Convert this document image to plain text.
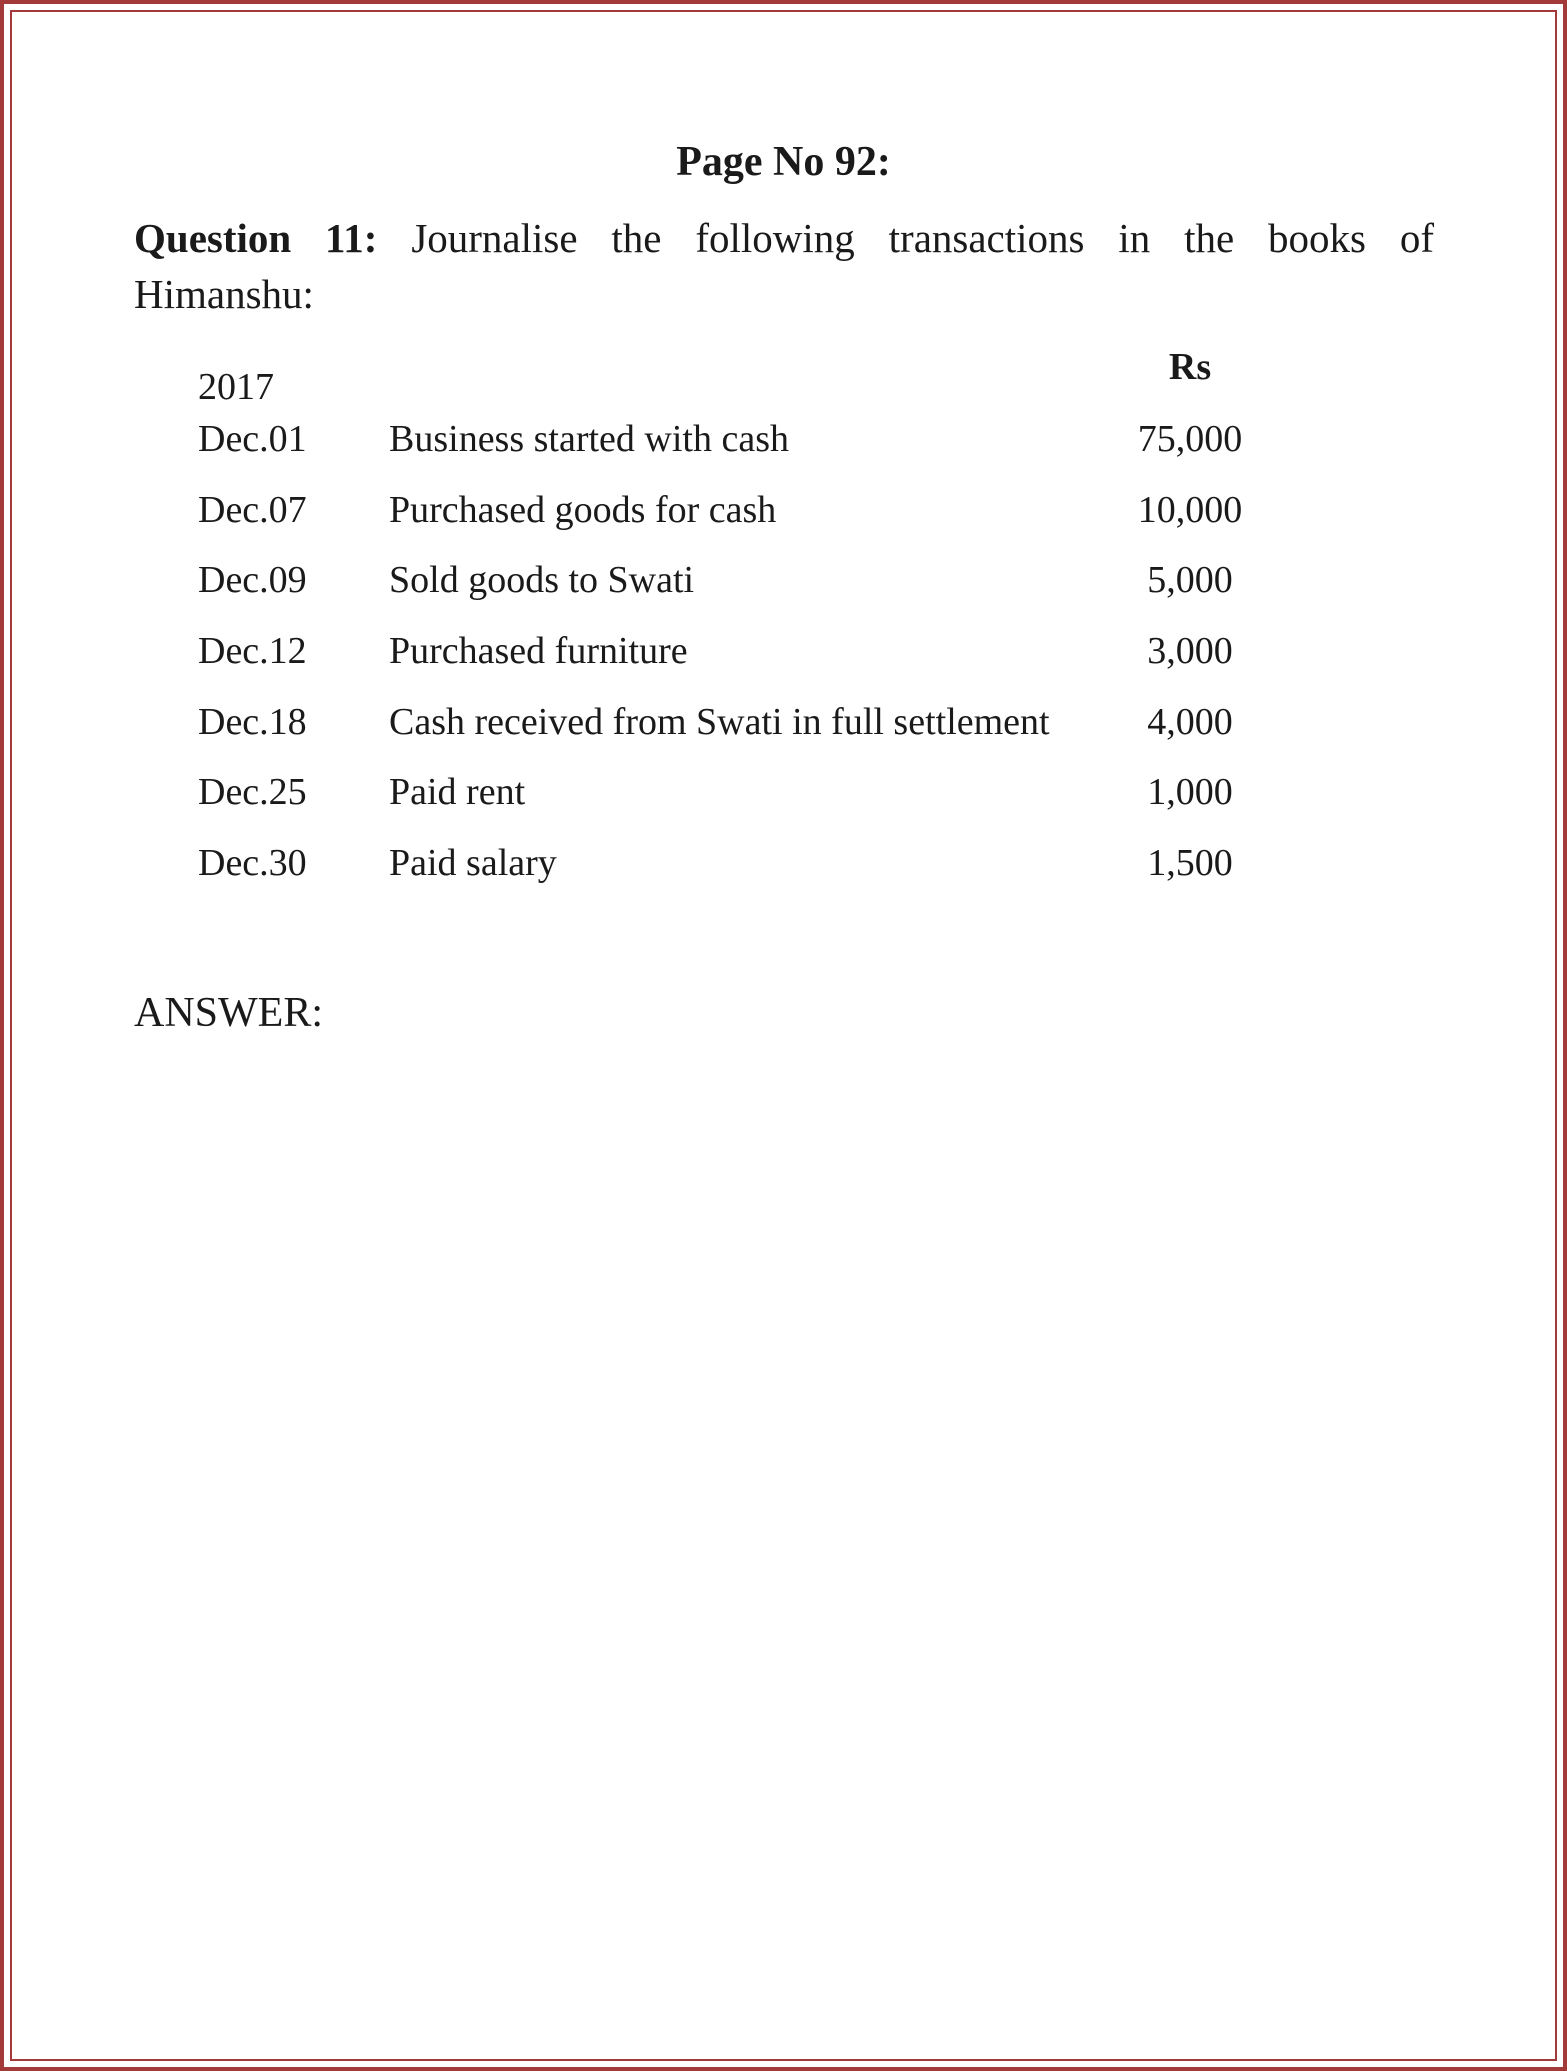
Page No 92:
Question 11: Journalise the following transactions in the books of
Himanshu:
Rs
2017
Dec.01 Business started with cash	75,000
Dec.07 Purchased goods for cash	10,000
Dec.09 Sold goods to Swati	5,000
Dec.12 Purchased furniture	3,000
Dec.18 Cash received from Swati in full settlement	4,000
Dec.25 Paid rent	1,000
Dec.30 Paid salary	1,500
ANSWER:
